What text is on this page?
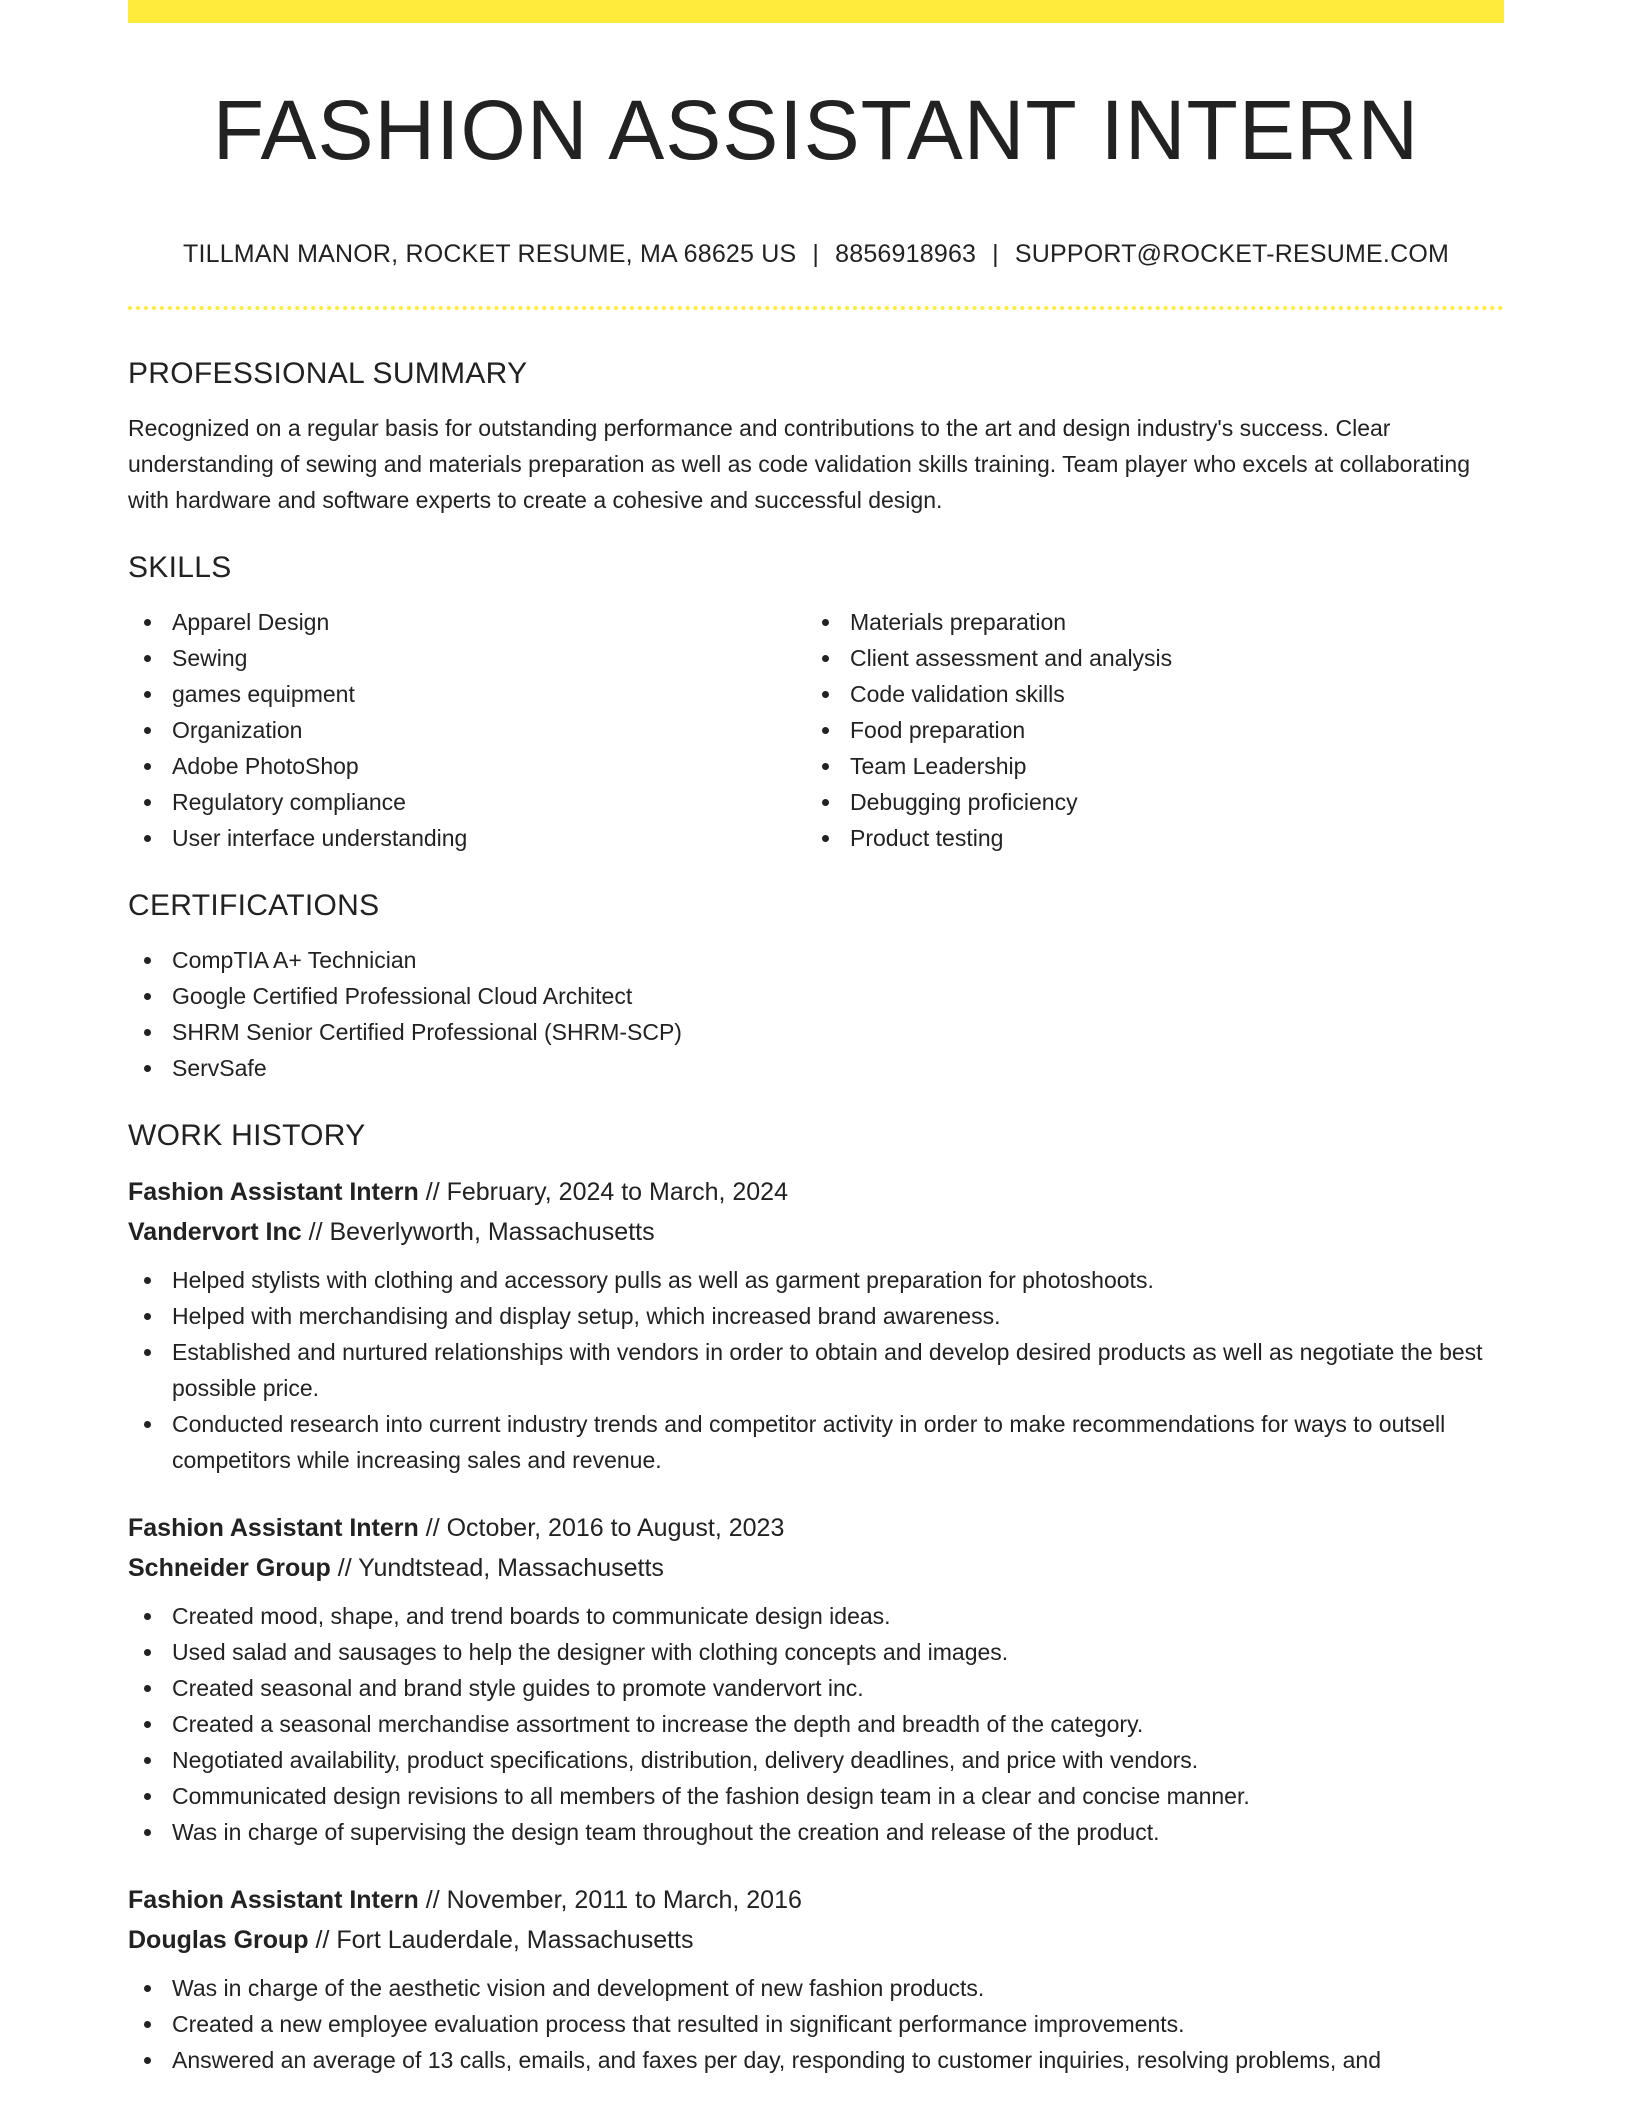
FASHION ASSISTANT INTERN
TILLMAN MANOR, ROCKET RESUME, MA 68625 US | 8856918963 | SUPPORT@ROCKET-RESUME.COM
PROFESSIONAL SUMMARY

Recognized on a regular basis for outstanding performance and contributions to the art and design industry's success. Clear understanding of sewing and materials preparation as well as code validation skills training. Team player who excels at collaborating with hardware and software experts to create a cohesive and successful design.

SKILLS
Apparel Design
Sewing
games equipment
Organization
Adobe PhotoShop
Regulatory compliance
User interface understanding
Materials preparation
Client assessment and analysis
Code validation skills
Food preparation
Team Leadership
Debugging proficiency
Product testing
CERTIFICATIONS
CompTIA A+ Technician
Google Certified Professional Cloud Architect
SHRM Senior Certified Professional (SHRM-SCP)
ServSafe
WORK HISTORY
Fashion Assistant Intern // February, 2024 to March, 2024
Vandervort Inc // Beverlyworth, Massachusetts
Helped stylists with clothing and accessory pulls as well as garment preparation for photoshoots.
Helped with merchandising and display setup, which increased brand awareness.
Established and nurtured relationships with vendors in order to obtain and develop desired products as well as negotiate the best possible price.
Conducted research into current industry trends and competitor activity in order to make recommendations for ways to outsell competitors while increasing sales and revenue.
Fashion Assistant Intern // October, 2016 to August, 2023
Schneider Group // Yundtstead, Massachusetts
Created mood, shape, and trend boards to communicate design ideas.
Used salad and sausages to help the designer with clothing concepts and images.
Created seasonal and brand style guides to promote vandervort inc.
Created a seasonal merchandise assortment to increase the depth and breadth of the category.
Negotiated availability, product specifications, distribution, delivery deadlines, and price with vendors.
Communicated design revisions to all members of the fashion design team in a clear and concise manner.
Was in charge of supervising the design team throughout the creation and release of the product.
Fashion Assistant Intern // November, 2011 to March, 2016
Douglas Group // Fort Lauderdale, Massachusetts
Was in charge of the aesthetic vision and development of new fashion products.
Created a new employee evaluation process that resulted in significant performance improvements.
Answered an average of 13 calls, emails, and faxes per day, responding to customer inquiries, resolving problems, and
